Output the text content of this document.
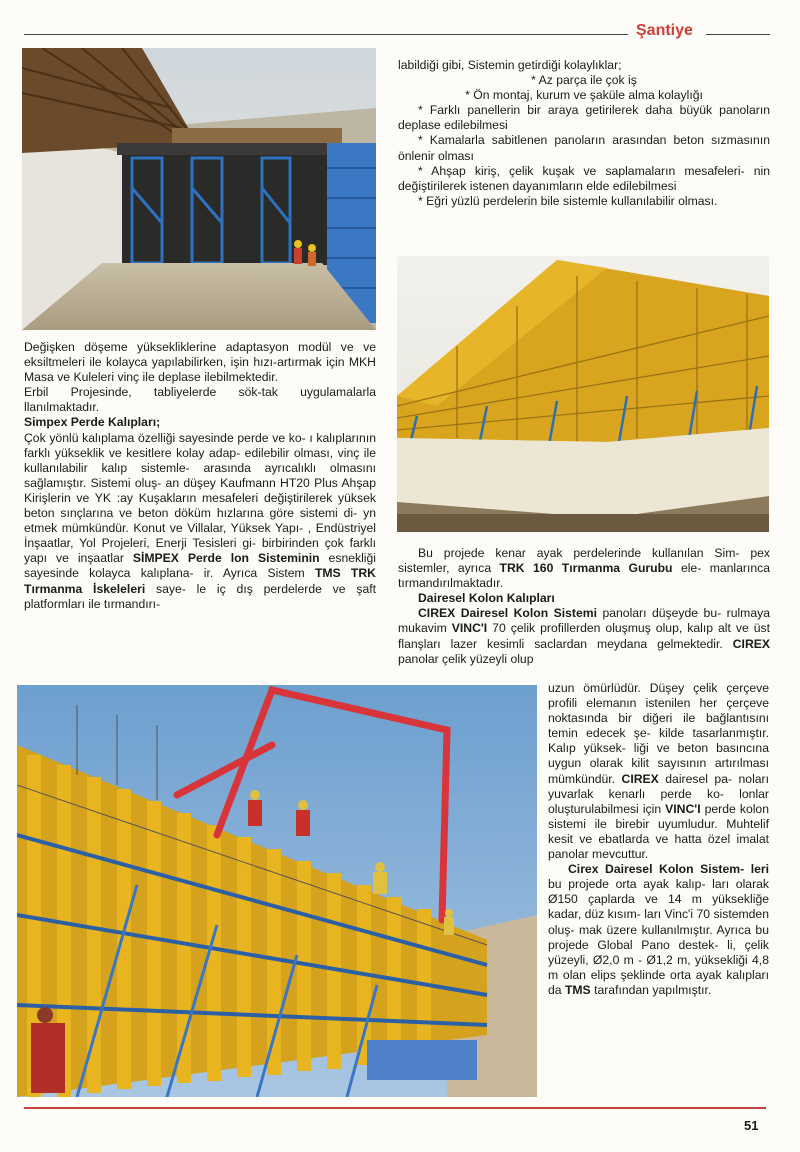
Şantiye

Değişken döşeme yüksekliklerine adaptasyon modül ve ve eksiltmeleri ile kolayca yapılabilirken, işin hızı-artırmak için MKH Masa ve Kuleleri vinç ile deplase ilebilmektedir.

Erbil Projesinde, tabliyelerde sök-tak uygulamalarla llanılmaktadır.

Simpex Perde Kalıpları;

Çok yönlü kalıplama özelliği sayesinde perde ve ko- ı kalıplarının farklı yükseklik ve kesitlere kolay adap- edilebilir olması, vinç ile kullanılabilir kalıp sistemle- arasında ayrıcalıklı olmasını sağlamıştır. Sistemi oluş- an düşey Kaufmann HT20 Plus Ahşap Kirişlerin ve YK :ay Kuşakların mesafeleri değiştirilerek yüksek beton sınçlarına ve beton döküm hızlarına göre sistemi di- yn etmek mümkündür. Konut ve Villalar, Yüksek Yapı- , Endüstriyel İnşaatlar, Yol Projeleri, Enerji Tesisleri gi- birbirinden çok farklı yapı ve inşaatlar SİMPEX Perde lon Sisteminin esnekliği sayesinde kolayca kalıplana- ir. Ayrıca Sistem TMS TRK Tırmanma İskeleleri saye- le iç dış perdelerde ve şaft platformları ile tırmandırı-

labildiği gibi, Sistemin getirdiği kolaylıklar;

* Az parça ile çok iş

* Ön montaj, kurum ve şaküle alma kolaylığı

* Farklı panellerin bir araya getirilerek daha büyük panoların deplase edilebilmesi

* Kamalarla sabitlenen panoların arasından beton sızmasının önlenir olması

* Ahşap kiriş, çelik kuşak ve saplamaların mesafeleri- nin değiştirilerek istenen dayanımların elde edilebilmesi

* Eğri yüzlü perdelerin bile sistemle kullanılabilir olması.

Bu projede kenar ayak perdelerinde kullanılan Sim- pex sistemler, ayrıca TRK 160 Tırmanma Gurubu ele- manlarınca tırmandırılmaktadır.

Dairesel Kolon Kalıpları

CIREX Dairesel Kolon Sistemi panoları düşeyde bu- rulmaya mukavim VINC'I 70 çelik profillerden oluşmuş olup, kalıp alt ve üst flanşları lazer kesimli saclardan meydana gelmektedir. CIREX panolar çelik yüzeyli olup

uzun ömürlüdür. Düşey çelik çerçeve profili elemanın istenilen her çerçeve noktasında bir diğeri ile bağlantısını temin edecek şe- kilde tasarlanmıştır. Kalıp yüksek- liği ve beton basıncına uygun olarak kilit sayısının artırılması mümkündür. CIREX dairesel pa- noları yuvarlak kenarlı perde ko- lonlar oluşturulabilmesi için VINC'I perde kolon sistemi ile birebir uyumludur. Muhtelif kesit ve ebatlarda ve hatta özel imalat panolar mevcuttur.

Cirex Dairesel Kolon Sistem- leri bu projede orta ayak kalıp- ları olarak Ø150 çaplarda ve 14 m yüksekliğe kadar, düz kısım- ları Vinc'i 70 sistemden oluş- mak üzere kullanılmıştır. Ayrıca bu projede Global Pano destek- li, çelik yüzeyli, Ø2,0 m - Ø1,2 m, yüksekliği 4,8 m olan elips şeklinde orta ayak kalıpları da TMS tarafından yapılmıştır.

51
